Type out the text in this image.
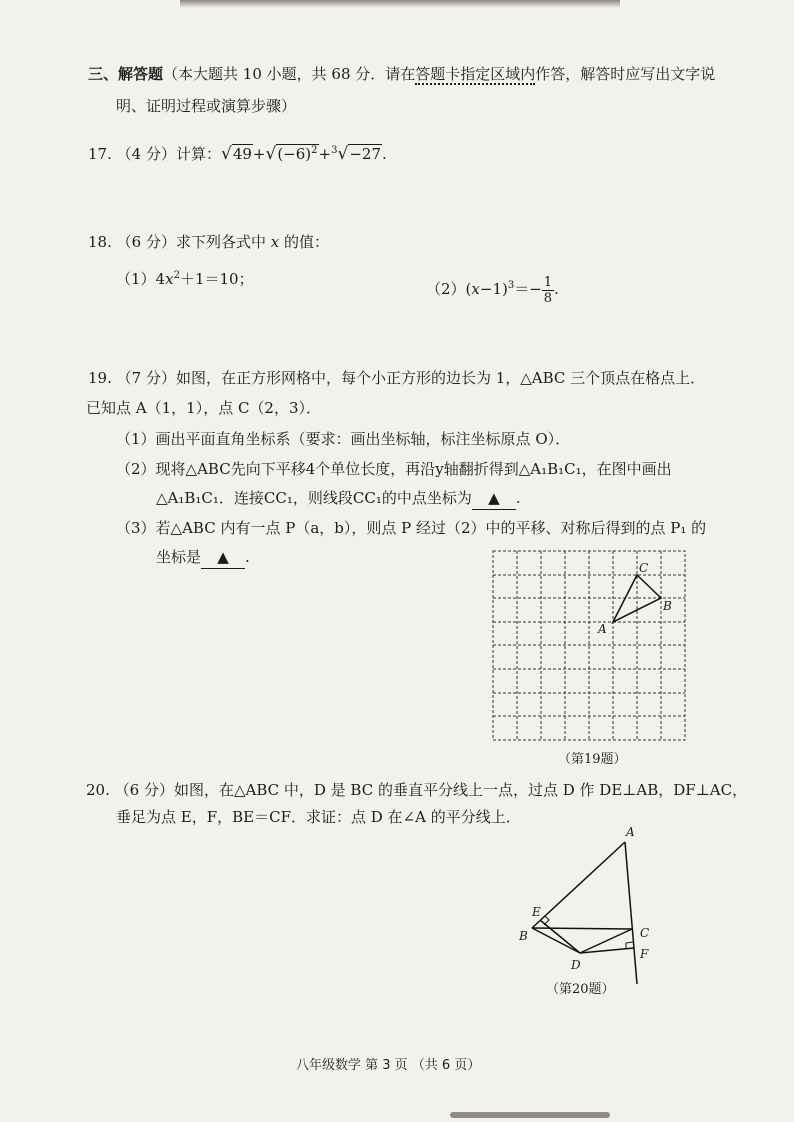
三、解答题（本大题共 10 小题，共 68 分．请在答题卡指定区域内作答，解答时应写出文字说
明、证明过程或演算步骤）
17. （4 分）计算：$√49+√(-6)^2+^3√-27$.
18. （6 分）求下列各式中 x 的值：
$(1)4x^2+1=10$；
$(2)(x-1)^3=- \frac{1}{8}$ .
19. （7 分）如图，在正方形网格中，每个小正方形的边长为 1，△ABC 三个顶点在格点上．
已知点 A（1，1），点 C（2，3）．
（1）画出平面直角坐标系（要求：画出坐标轴，标注坐标原点 O）．
（2）现将△ABC先向下平移4个单位长度，再沿y轴翻折得到△A₁B₁C₁，在图中画出
△A₁B₁C₁．连接CC₁，则线段CC₁的中点坐标为 ▲ .
（3）若△ABC 内有一点 P（a，b），则点 P 经过（2）中的平移、对称后得到的点 P₁ 的
坐标是 ▲ .
A
C
B
（第19题）
20. （6 分）如图，在△ABC 中，D 是 BC 的垂直平分线上一点，过点 D 作 DE⊥AB，DF⊥AC，
垂足为点 E，F，BE＝CF．求证：点 D 在∠A 的平分线上．
A
E
B	C
F
D
（第20题）
八年级数学 第 3 页 （共 6 页）
